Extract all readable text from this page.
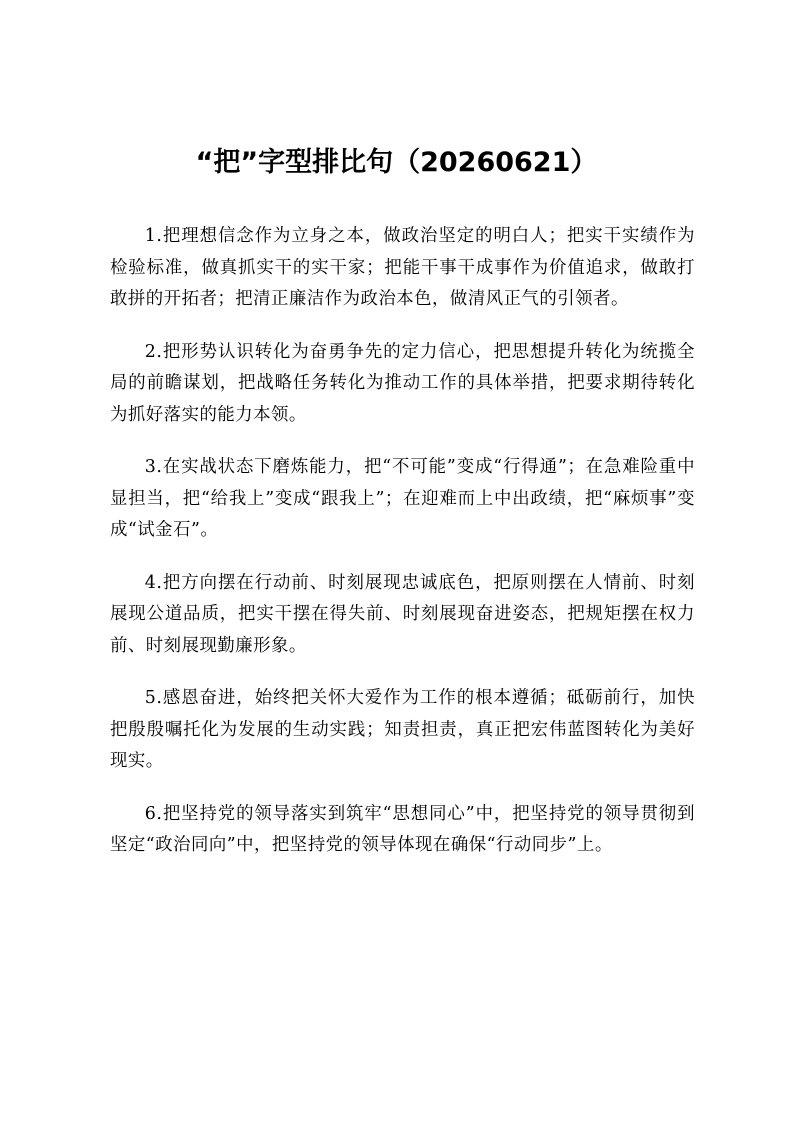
“把”字型排比句（20260621）

1.把理想信念作为立身之本，做政治坚定的明白人；把实干实绩作为检验标准，做真抓实干的实干家；把能干事干成事作为价值追求，做敢打敢拼的开拓者；把清正廉洁作为政治本色，做清风正气的引领者。

2.把形势认识转化为奋勇争先的定力信心，把思想提升转化为统揽全局的前瞻谋划，把战略任务转化为推动工作的具体举措，把要求期待转化为抓好落实的能力本领。

3.在实战状态下磨炼能力，把“不可能”变成“行得通”；在急难险重中显担当，把“给我上”变成“跟我上”；在迎难而上中出政绩，把“麻烦事”变成“试金石”。

4.把方向摆在行动前、时刻展现忠诚底色，把原则摆在人情前、时刻展现公道品质，把实干摆在得失前、时刻展现奋进姿态，把规矩摆在权力前、时刻展现勤廉形象。

5.感恩奋进，始终把关怀大爱作为工作的根本遵循；砥砺前行，加快把殷殷嘱托化为发展的生动实践；知责担责，真正把宏伟蓝图转化为美好现实。

6.把坚持党的领导落实到筑牢“思想同心”中，把坚持党的领导贯彻到坚定“政治同向”中，把坚持党的领导体现在确保“行动同步”上。
